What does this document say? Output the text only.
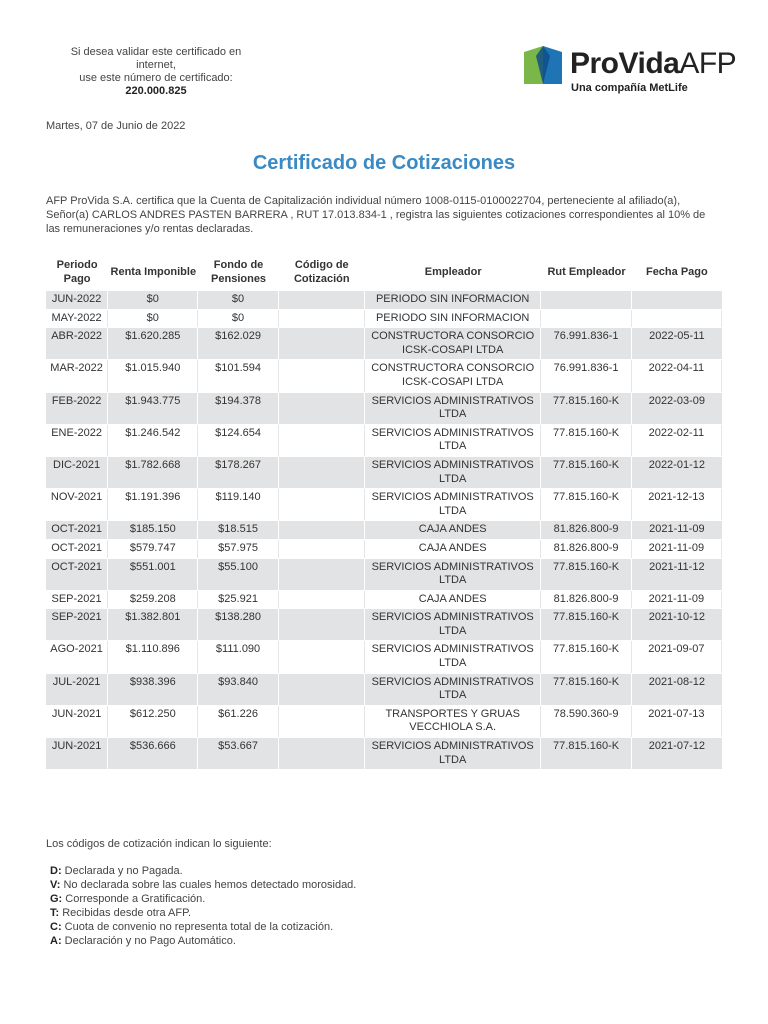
Si desea validar este certificado en
internet,
use este número de certificado:
220.000.825
ProVidaAFP
Una compañía MetLife
Martes, 07 de Junio de 2022
Certificado de Cotizaciones
AFP ProVida S.A. certifica que la Cuenta de Capitalización individual número 1008-0115-0100022704, perteneciente al afiliado(a), Señor(a) CARLOS ANDRES PASTEN BARRERA , RUT 17.013.834-1 , registra las siguientes cotizaciones correspondientes al 10% de las remuneraciones y/o rentas declaradas.
Periodo Pago	Renta Imponible	Fondo de Pensiones	Código de Cotización	Empleador	Rut Empleador	Fecha Pago
JUN-2022	$0	$0		PERIODO SIN INFORMACION		
MAY-2022	$0	$0		PERIODO SIN INFORMACION		
ABR-2022	$1.620.285	$162.029		CONSTRUCTORA CONSORCIO ICSK-COSAPI LTDA	76.991.836-1	2022-05-11
MAR-2022	$1.015.940	$101.594		CONSTRUCTORA CONSORCIO ICSK-COSAPI LTDA	76.991.836-1	2022-04-11
FEB-2022	$1.943.775	$194.378		SERVICIOS ADMINISTRATIVOS LTDA	77.815.160-K	2022-03-09
ENE-2022	$1.246.542	$124.654		SERVICIOS ADMINISTRATIVOS LTDA	77.815.160-K	2022-02-11
DIC-2021	$1.782.668	$178.267		SERVICIOS ADMINISTRATIVOS LTDA	77.815.160-K	2022-01-12
NOV-2021	$1.191.396	$119.140		SERVICIOS ADMINISTRATIVOS LTDA	77.815.160-K	2021-12-13
OCT-2021	$185.150	$18.515		CAJA ANDES	81.826.800-9	2021-11-09
OCT-2021	$579.747	$57.975		CAJA ANDES	81.826.800-9	2021-11-09
OCT-2021	$551.001	$55.100		SERVICIOS ADMINISTRATIVOS LTDA	77.815.160-K	2021-11-12
SEP-2021	$259.208	$25.921		CAJA ANDES	81.826.800-9	2021-11-09
SEP-2021	$1.382.801	$138.280		SERVICIOS ADMINISTRATIVOS LTDA	77.815.160-K	2021-10-12
AGO-2021	$1.110.896	$111.090		SERVICIOS ADMINISTRATIVOS LTDA	77.815.160-K	2021-09-07
JUL-2021	$938.396	$93.840		SERVICIOS ADMINISTRATIVOS LTDA	77.815.160-K	2021-08-12
JUN-2021	$612.250	$61.226		TRANSPORTES Y GRUAS VECCHIOLA S.A.	78.590.360-9	2021-07-13
JUN-2021	$536.666	$53.667		SERVICIOS ADMINISTRATIVOS LTDA	77.815.160-K	2021-07-12
Los códigos de cotización indican lo siguiente:
D: Declarada y no Pagada.
V: No declarada sobre las cuales hemos detectado morosidad.
G: Corresponde a Gratificación.
T: Recibidas desde otra AFP.
C: Cuota de convenio no representa total de la cotización.
A: Declaración y no Pago Automático.
